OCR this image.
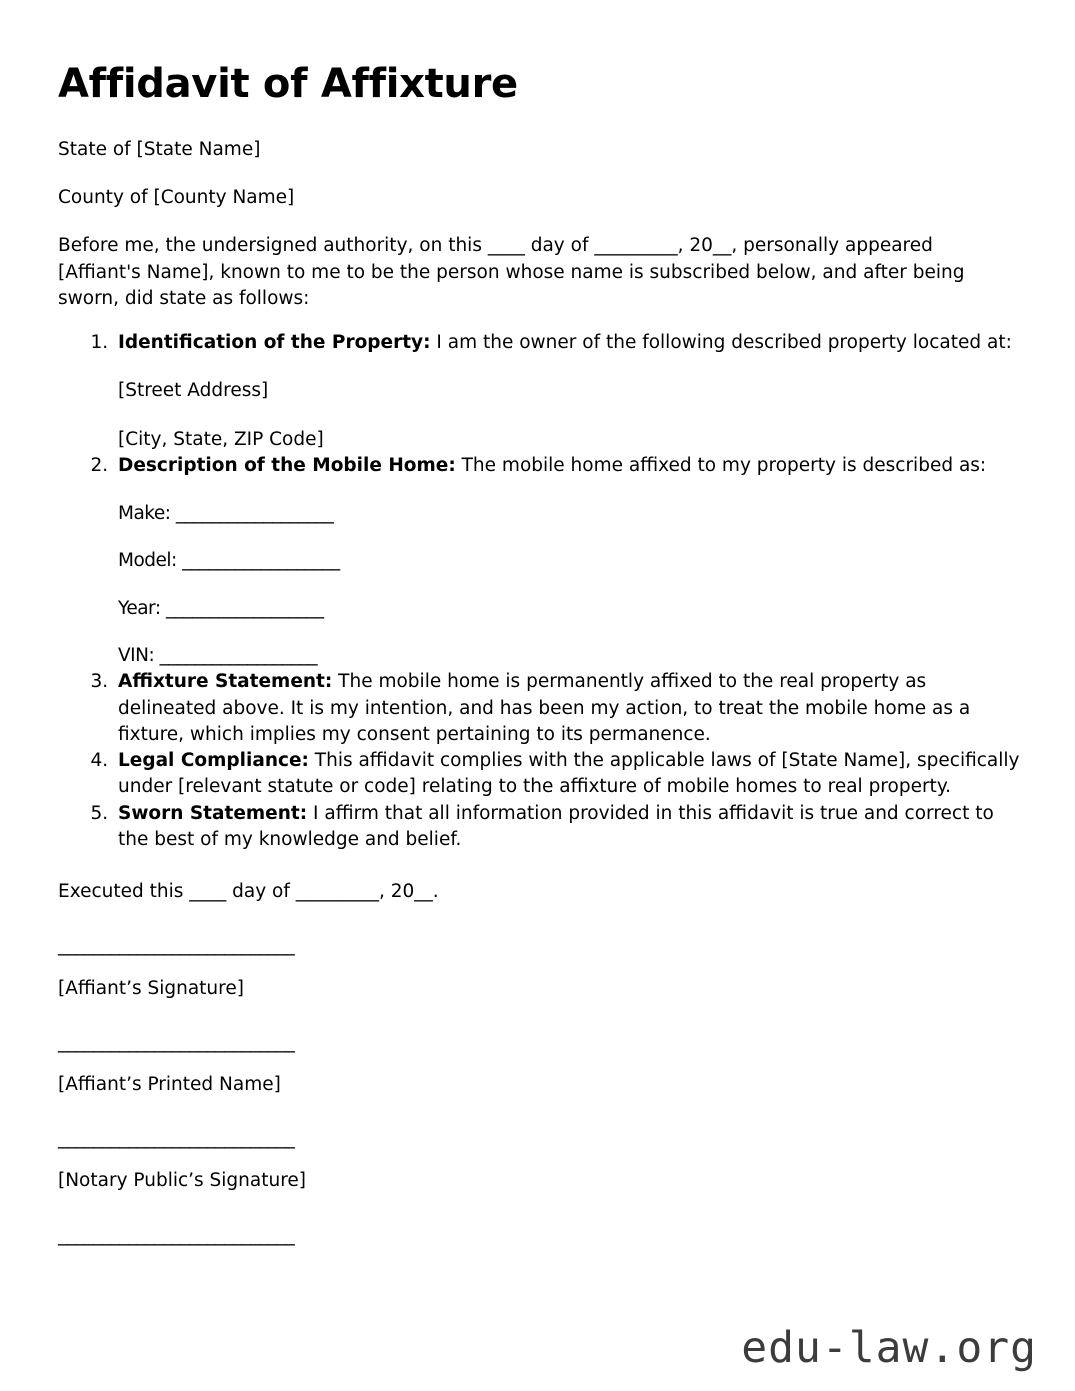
Affidavit of Affixture

State of [State Name]

County of [County Name]

Before me, the undersigned authority, on this ____ day of _________, 20__, personally appeared [Affiant's Name], known to me to be the person whose name is subscribed below, and after being sworn, did state as follows:

1. Identification of the Property: I am the owner of the following described property located at:
[Street Address]
[City, State, ZIP Code]
2. Description of the Mobile Home: The mobile home affixed to my property is described as:
Make: __________________
Model: __________________
Year: __________________
VIN: __________________
3. Affixture Statement: The mobile home is permanently affixed to the real property as delineated above. It is my intention, and has been my action, to treat the mobile home as a fixture, which implies my consent pertaining to its permanence.
4. Legal Compliance: This affidavit complies with the applicable laws of [State Name], specifically under [relevant statute or code] relating to the affixture of mobile homes to real property.
5. Sworn Statement: I affirm that all information provided in this affidavit is true and correct to the best of my knowledge and belief.

Executed this ____ day of _________, 20__.

___________________________
[Affiant’s Signature]
___________________________
[Affiant’s Printed Name]
___________________________
[Notary Public’s Signature]
___________________________
edu-law.org
